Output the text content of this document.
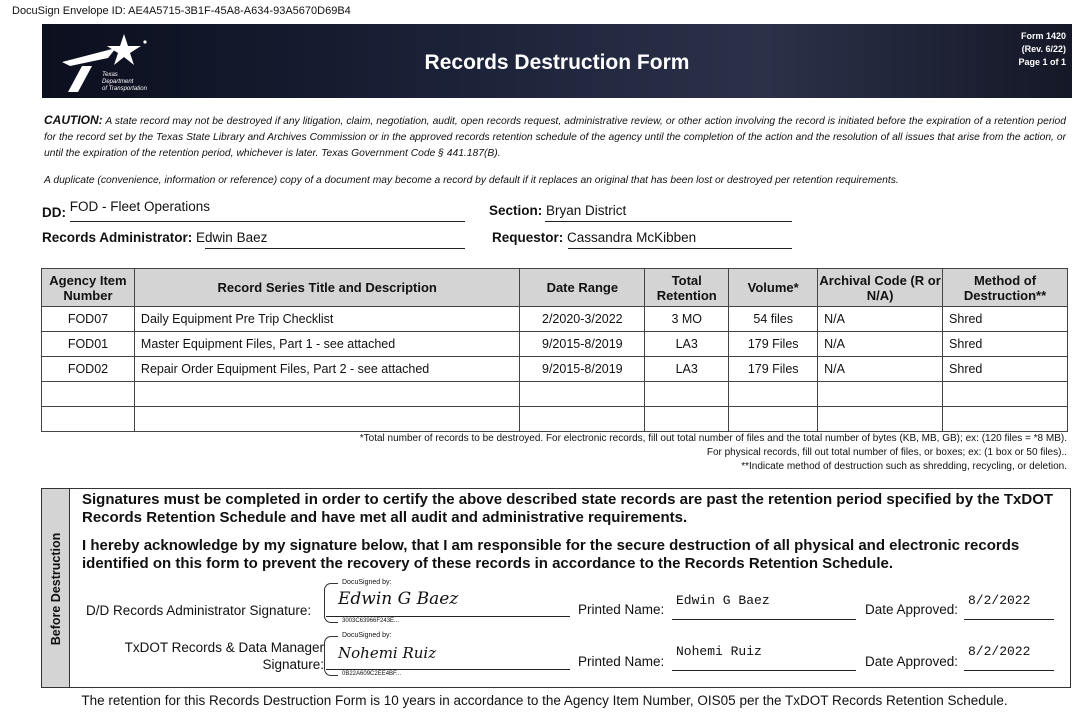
DocuSign Envelope ID: AE4A5715-3B1F-45A8-A634-93A5670D69B4
Texas
Department
of Transportation
Records Destruction Form
Form 1420
(Rev. 6/22)
Page 1 of 1
CAUTION: A state record may not be destroyed if any litigation, claim, negotiation, audit, open records request, administrative review, or other action involving the record is initiated before the expiration of a retention period for the record set by the Texas State Library and Archives Commission or in the approved records retention schedule of the agency until the completion of the action and the resolution of all issues that arise from the action, or until the expiration of the retention period, whichever is later. Texas Government Code § 441.187(B).
A duplicate (convenience, information or reference) copy of a document may become a record by default if it replaces an original that has been lost or destroyed per retention requirements.
DD: FOD - Fleet Operations	Section: Bryan District
Records Administrator: Edwin Baez	Requestor: Cassandra McKibben
Agency Item Number	Record Series Title and Description	Date Range	Total Retention	Volume*	Archival Code (R or N/A)	Method of Destruction**
FOD07	Daily Equipment Pre Trip Checklist	2/2020-3/2022	3 MO	54 files	N/A	Shred
FOD01	Master Equipment Files, Part 1 - see attached	9/2015-8/2019	LA3	179 Files	N/A	Shred
FOD02	Repair Order Equipment Files, Part 2 - see attached	9/2015-8/2019	LA3	179 Files	N/A	Shred

*Total number of records to be destroyed. For electronic records, fill out total number of files and the total number of bytes (KB, MB, GB); ex: (120 files = *8 MB).
For physical records, fill out total number of files, or boxes; ex: (1 box or 50 files)..
**Indicate method of destruction such as shredding, recycling, or deletion.
Before Destruction
Signatures must be completed in order to certify the above described state records are past the retention period specified by the TxDOT Records Retention Schedule and have met all audit and administrative requirements.
I hereby acknowledge by my signature below, that I am responsible for the secure destruction of all physical and electronic records identified on this form to prevent the recovery of these records in accordance to the Records Retention Schedule.
D/D Records Administrator Signature:
DocuSigned by:
Edwin G Baez
3003C63966F243E...
Printed Name:
Edwin G Baez
Date Approved:
8/2/2022
TxDOT Records & Data Manager
Signature:
DocuSigned by:
Nohemi Ruiz
0B22A609C2EE4BF...
Printed Name:
Nohemi Ruiz
Date Approved:
8/2/2022
The retention for this Records Destruction Form is 10 years in accordance to the Agency Item Number, OIS05 per the TxDOT Records Retention Schedule.
